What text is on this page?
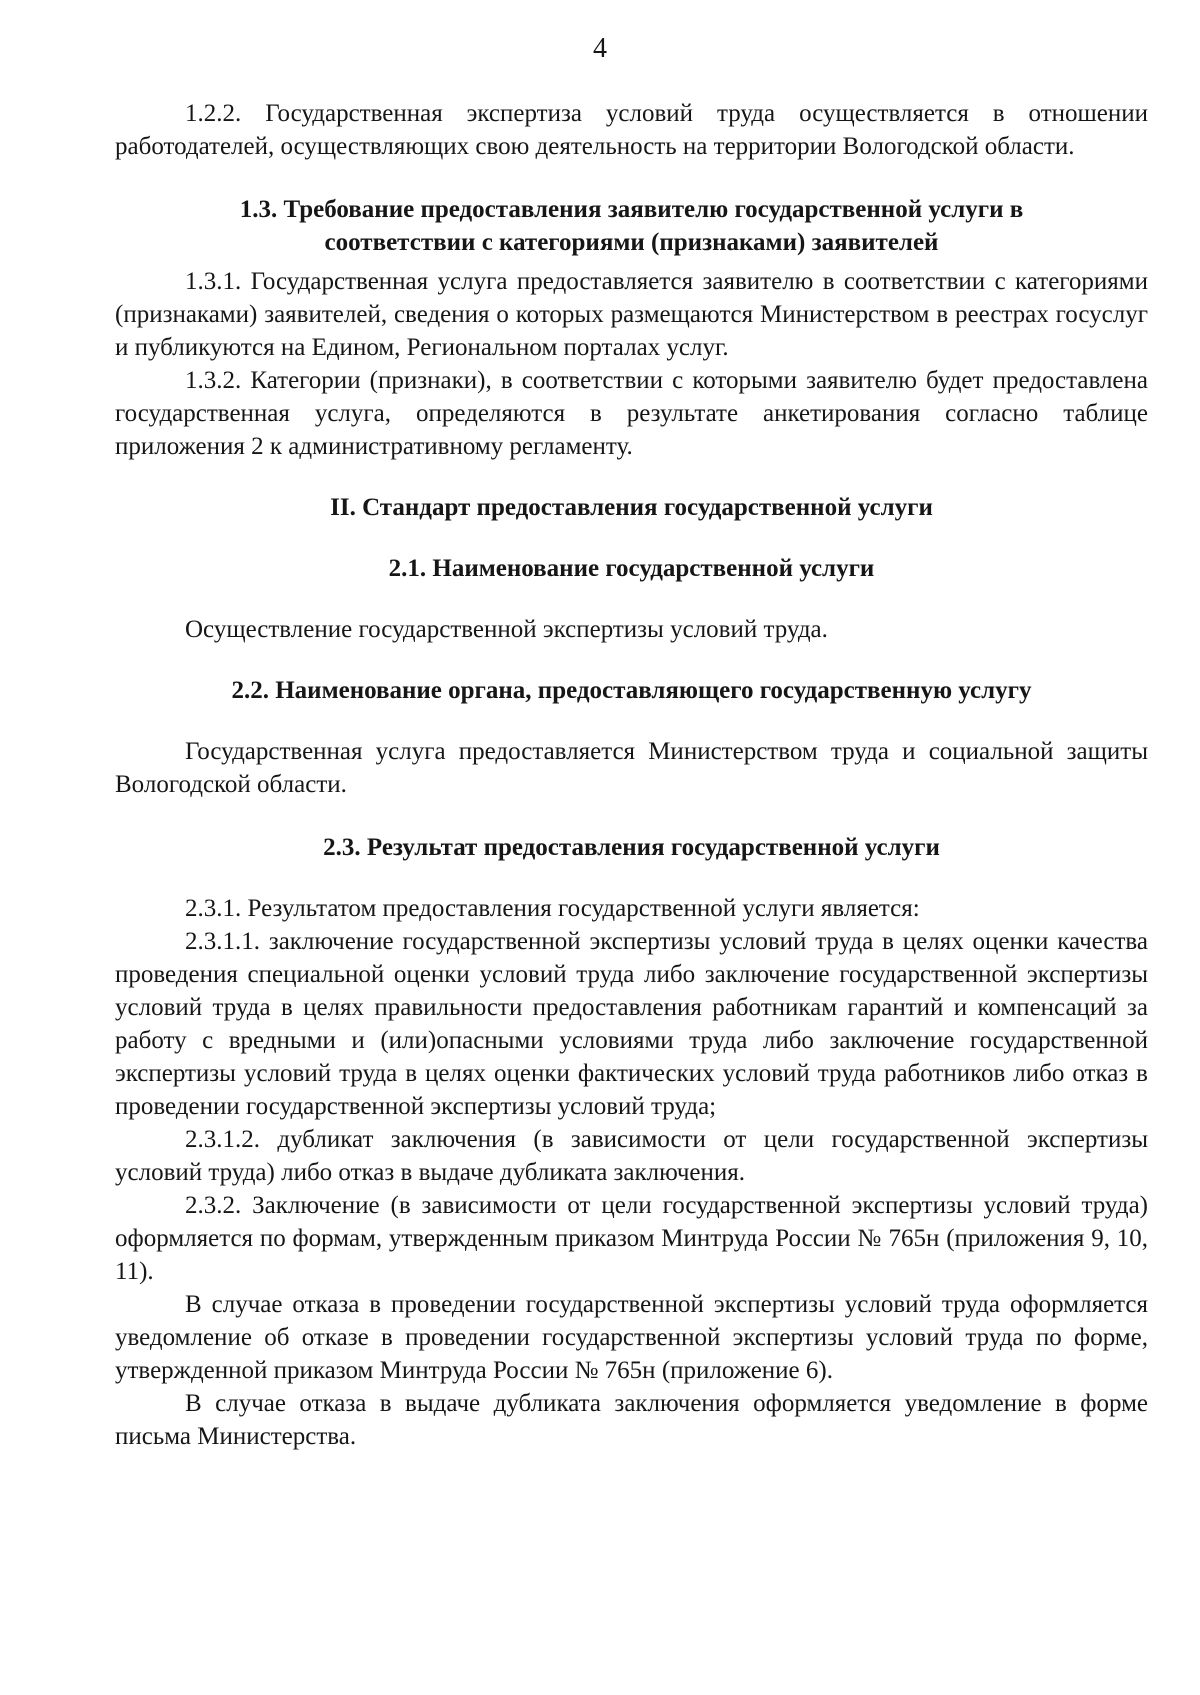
4

1.2.2. Государственная экспертиза условий труда осуществляется в отношении работодателей, осуществляющих свою деятельность на территории Вологодской области.

1.3. Требование предоставления заявителю государственной услуги в
соответствии с категориями (признаками) заявителей

1.3.1. Государственная услуга предоставляется заявителю в соответствии с категориями (признаками) заявителей, сведения о которых размещаются Министерством в реестрах госуслуг и публикуются на Едином, Региональном порталах услуг.

1.3.2. Категории (признаки), в соответствии с которыми заявителю будет предоставлена государственная услуга, определяются в результате анкетирования согласно таблице приложения 2 к административному регламенту.

II. Стандарт предоставления государственной услуги
2.1. Наименование государственной услуги

Осуществление государственной экспертизы условий труда.

2.2. Наименование органа, предоставляющего государственную услугу

Государственная услуга предоставляется Министерством труда и социальной защиты Вологодской области.

2.3. Результат предоставления государственной услуги

2.3.1. Результатом предоставления государственной услуги является:

2.3.1.1. заключение государственной экспертизы условий труда в целях оценки качества проведения специальной оценки условий труда либо заключение государственной экспертизы условий труда в целях правильности предоставления работникам гарантий и компенсаций за работу с вредными и (или)опасными условиями труда либо заключение государственной экспертизы условий труда в целях оценки фактических условий труда работников либо отказ в проведении государственной экспертизы условий труда;

2.3.1.2. дубликат заключения (в зависимости от цели государственной экспертизы условий труда) либо отказ в выдаче дубликата заключения.

2.3.2. Заключение (в зависимости от цели государственной экспертизы условий труда) оформляется по формам, утвержденным приказом Минтруда России № 765н (приложения 9, 10, 11).

В случае отказа в проведении государственной экспертизы условий труда оформляется уведомление об отказе в проведении государственной экспертизы условий труда по форме, утвержденной приказом Минтруда России № 765н (приложение 6).

В случае отказа в выдаче дубликата заключения оформляется уведомление в форме письма Министерства.
